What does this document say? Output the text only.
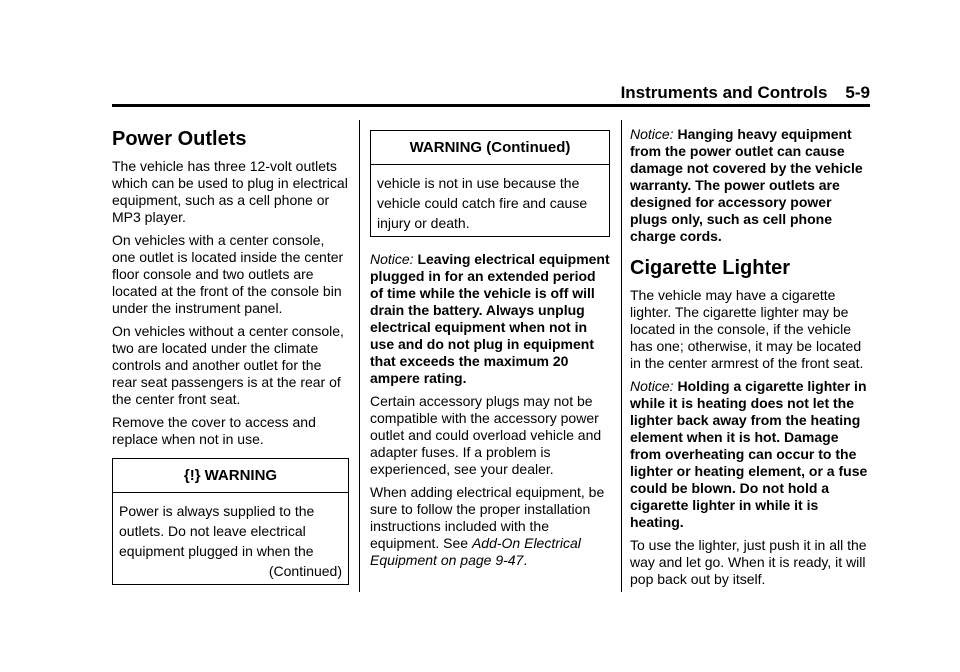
Instruments and Controls 5-9
Power Outlets

The vehicle has three 12-volt outlets which can be used to plug in electrical equipment, such as a cell phone or MP3 player.

On vehicles with a center console, one outlet is located inside the center floor console and two outlets are located at the front of the console bin under the instrument panel.

On vehicles without a center console, two are located under the climate controls and another outlet for the rear seat passengers is at the rear of the center front seat.

Remove the cover to access and replace when not in use.

{!} WARNING

Power is always supplied to the outlets. Do not leave electrical equipment plugged in when the

(Continued)

WARNING (Continued)

vehicle is not in use because the vehicle could catch fire and cause injury or death.

Notice: Leaving electrical equipment plugged in for an extended period of time while the vehicle is off will drain the battery. Always unplug electrical equipment when not in use and do not plug in equipment that exceeds the maximum 20 ampere rating.

Certain accessory plugs may not be compatible with the accessory power outlet and could overload vehicle and adapter fuses. If a problem is experienced, see your dealer.

When adding electrical equipment, be sure to follow the proper installation instructions included with the equipment. See Add-On Electrical Equipment on page 9-47.

Notice: Hanging heavy equipment from the power outlet can cause damage not covered by the vehicle warranty. The power outlets are designed for accessory power plugs only, such as cell phone charge cords.

Cigarette Lighter

The vehicle may have a cigarette lighter. The cigarette lighter may be located in the console, if the vehicle has one; otherwise, it may be located in the center armrest of the front seat.

Notice: Holding a cigarette lighter in while it is heating does not let the lighter back away from the heating element when it is hot. Damage from overheating can occur to the lighter or heating element, or a fuse could be blown. Do not hold a cigarette lighter in while it is heating.

To use the lighter, just push it in all the way and let go. When it is ready, it will pop back out by itself.
